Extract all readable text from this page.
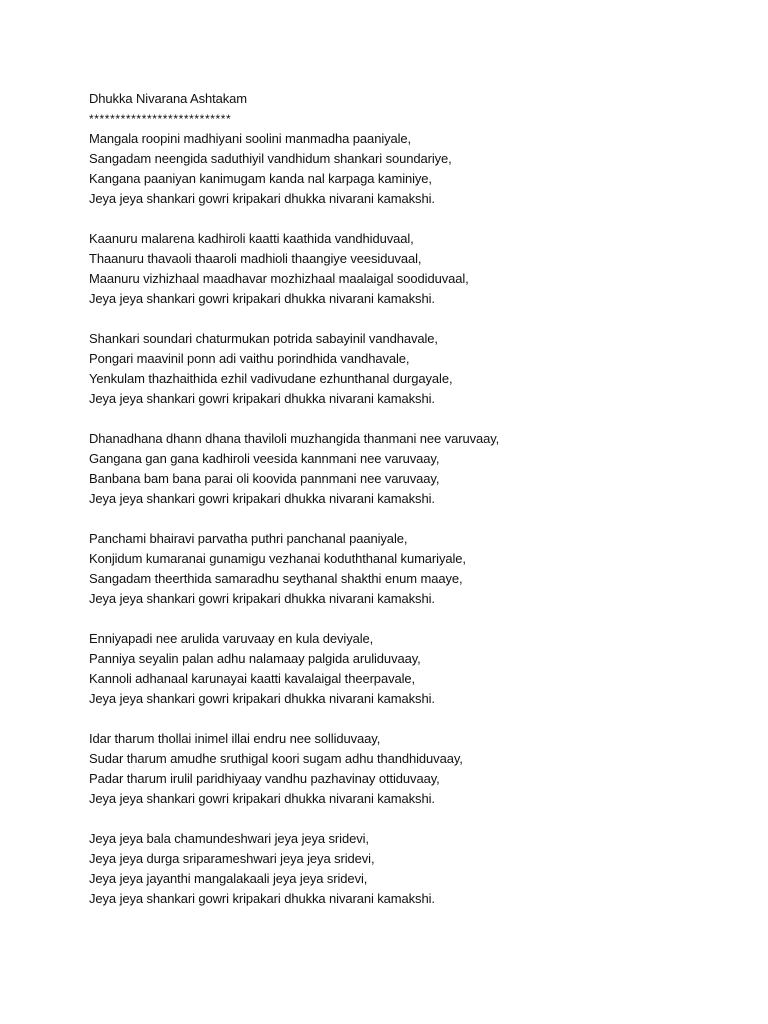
Dhukka Nivarana Ashtakam
***************************
Mangala roopini madhiyani soolini manmadha paaniyale,
Sangadam neengida saduthiyil vandhidum shankari soundariye,
Kangana paaniyan kanimugam kanda nal karpaga kaminiye,
Jeya jeya shankari gowri kripakari dhukka nivarani kamakshi.
Kaanuru malarena kadhiroli kaatti kaathida vandhiduvaal,
Thaanuru thavaoli thaaroli madhioli thaangiye veesiduvaal,
Maanuru vizhizhaal maadhavar mozhizhaal maalaigal soodiduvaal,
Jeya jeya shankari gowri kripakari dhukka nivarani kamakshi.
Shankari soundari chaturmukan potrida sabayinil vandhavale,
Pongari maavinil ponn adi vaithu porindhida vandhavale,
Yenkulam thazhaithida ezhil vadivudane ezhunthanal durgayale,
Jeya jeya shankari gowri kripakari dhukka nivarani kamakshi.
Dhanadhana dhann dhana thaviloli muzhangida thanmani nee varuvaay,
Gangana gan gana kadhiroli veesida kannmani nee varuvaay,
Banbana bam bana parai oli koovida pannmani nee varuvaay,
Jeya jeya shankari gowri kripakari dhukka nivarani kamakshi.
Panchami bhairavi parvatha puthri panchanal paaniyale,
Konjidum kumaranai gunamigu vezhanai koduththanal kumariyale,
Sangadam theerthida samaradhu seythanal shakthi enum maaye,
Jeya jeya shankari gowri kripakari dhukka nivarani kamakshi.
Enniyapadi nee arulida varuvaay en kula deviyale,
Panniya seyalin palan adhu nalamaay palgida aruliduvaay,
Kannoli adhanaal karunayai kaatti kavalaigal theerpavale,
Jeya jeya shankari gowri kripakari dhukka nivarani kamakshi.
Idar tharum thollai inimel illai endru nee solliduvaay,
Sudar tharum amudhe sruthigal koori sugam adhu thandhiduvaay,
Padar tharum irulil paridhiyaay vandhu pazhavinay ottiduvaay,
Jeya jeya shankari gowri kripakari dhukka nivarani kamakshi.
Jeya jeya bala chamundeshwari jeya jeya sridevi,
Jeya jeya durga sriparameshwari jeya jeya sridevi,
Jeya jeya jayanthi mangalakaali jeya jeya sridevi,
Jeya jeya shankari gowri kripakari dhukka nivarani kamakshi.
